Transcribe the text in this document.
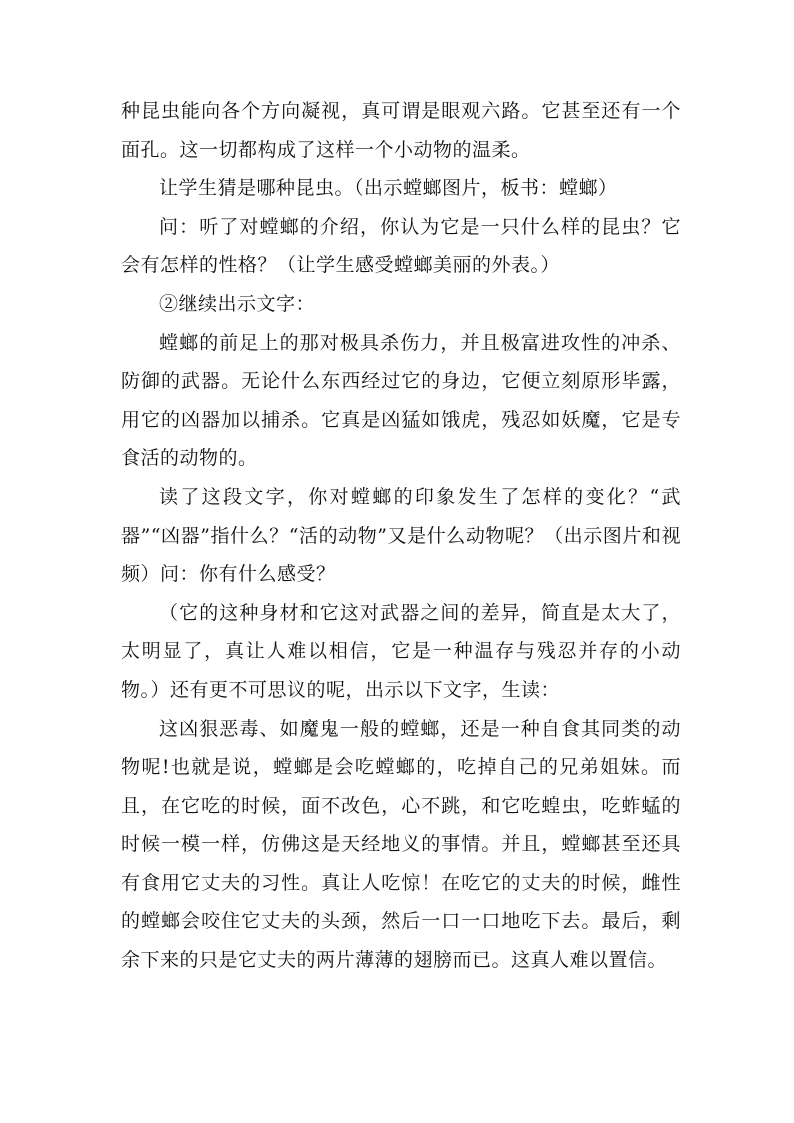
种昆虫能向各个方向凝视，真可谓是眼观六路。它甚至还有一个面孔。这一切都构成了这样一个小动物的温柔。

让学生猜是哪种昆虫。（出示螳螂图片，板书：螳螂）

问：听了对螳螂的介绍，你认为它是一只什么样的昆虫？它会有怎样的性格？（让学生感受螳螂美丽的外表。）

②继续出示文字：

螳螂的前足上的那对极具杀伤力，并且极富进攻性的冲杀、防御的武器。无论什么东西经过它的身边，它便立刻原形毕露，用它的凶器加以捕杀。它真是凶猛如饿虎，残忍如妖魔，它是专食活的动物的。

读了这段文字，你对螳螂的印象发生了怎样的变化？“武器”“凶器”指什么？“活的动物”又是什么动物呢？（出示图片和视频）问：你有什么感受？

（它的这种身材和它这对武器之间的差异，简直是太大了，太明显了，真让人难以相信，它是一种温存与残忍并存的小动物。）还有更不可思议的呢，出示以下文字，生读：

这凶狠恶毒、如魔鬼一般的螳螂，还是一种自食其同类的动物呢!也就是说，螳螂是会吃螳螂的，吃掉自己的兄弟姐妹。而且，在它吃的时候，面不改色，心不跳，和它吃蝗虫，吃蚱蜢的时候一模一样，仿佛这是天经地义的事情。并且，螳螂甚至还具有食用它丈夫的习性。真让人吃惊！在吃它的丈夫的时候，雌性的螳螂会咬住它丈夫的头颈，然后一口一口地吃下去。最后，剩余下来的只是它丈夫的两片薄薄的翅膀而已。这真人难以置信。
